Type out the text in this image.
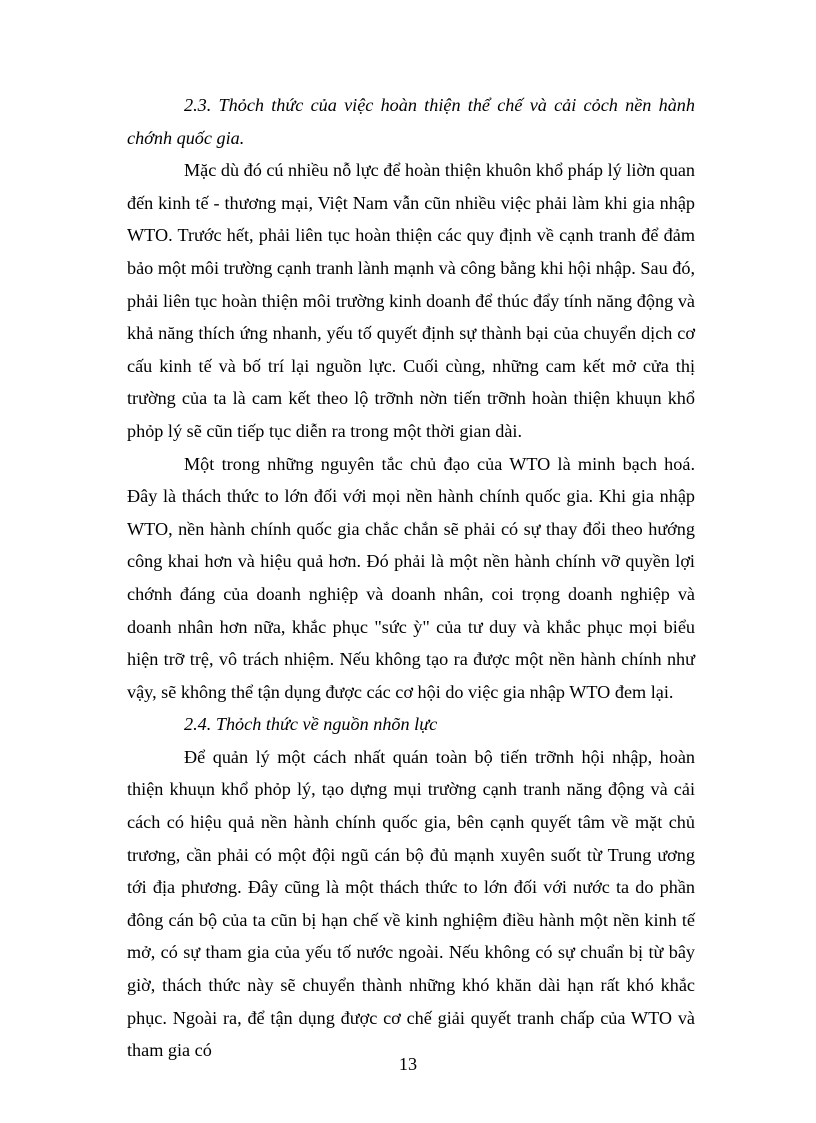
2.3. Thỏch thức của việc hoàn thiện thể chế và cải cỏch nền hành chớnh quốc gia.

Mặc dù đó cú nhiều nỗ lực để hoàn thiện khuôn khổ pháp lý liờn quan đến kinh tế - thương mại, Việt Nam vẫn cũn nhiều việc phải làm khi gia nhập WTO. Trước hết, phải liên tục hoàn thiện các quy định về cạnh tranh để đảm bảo một môi trường cạnh tranh lành mạnh và công bằng khi hội nhập. Sau đó, phải liên tục hoàn thiện môi trường kinh doanh để thúc đẩy tính năng động và khả năng thích ứng nhanh, yếu tố quyết định sự thành bại của chuyển dịch cơ cấu kinh tế và bố trí lại nguồn lực. Cuối cùng, những cam kết mở cửa thị trường của ta là cam kết theo lộ trỡnh nờn tiến trỡnh hoàn thiện khuụn khổ phỏp lý sẽ cũn tiếp tục diễn ra trong một thời gian dài.

Một trong những nguyên tắc chủ đạo của WTO là minh bạch hoá. Đây là thách thức to lớn đối với mọi nền hành chính quốc gia. Khi gia nhập WTO, nền hành chính quốc gia chắc chắn sẽ phải có sự thay đổi theo hướng công khai hơn và hiệu quả hơn. Đó phải là một nền hành chính vỡ quyền lợi chớnh đáng của doanh nghiệp và doanh nhân, coi trọng doanh nghiệp và doanh nhân hơn nữa, khắc phục "sức ỳ" của tư duy và khắc phục mọi biểu hiện trỡ trệ, vô trách nhiệm. Nếu không tạo ra được một nền hành chính như vậy, sẽ không thể tận dụng được các cơ hội do việc gia nhập WTO đem lại.

2.4. Thỏch thức về nguồn nhõn lực

Để quản lý một cách nhất quán toàn bộ tiến trỡnh hội nhập, hoàn thiện khuụn khổ phỏp lý, tạo dựng mụi trường cạnh tranh năng động và cải cách có hiệu quả nền hành chính quốc gia, bên cạnh quyết tâm về mặt chủ trương, cần phải có một đội ngũ cán bộ đủ mạnh xuyên suốt từ Trung ương tới địa phương. Đây cũng là một thách thức to lớn đối với nước ta do phần đông cán bộ của ta cũn bị hạn chế về kinh nghiệm điều hành một nền kinh tế mở, có sự tham gia của yếu tố nước ngoài. Nếu không có sự chuẩn bị từ bây giờ, thách thức này sẽ chuyển thành những khó khăn dài hạn rất khó khắc phục. Ngoài ra, để tận dụng được cơ chế giải quyết tranh chấp của WTO và tham gia có

13
